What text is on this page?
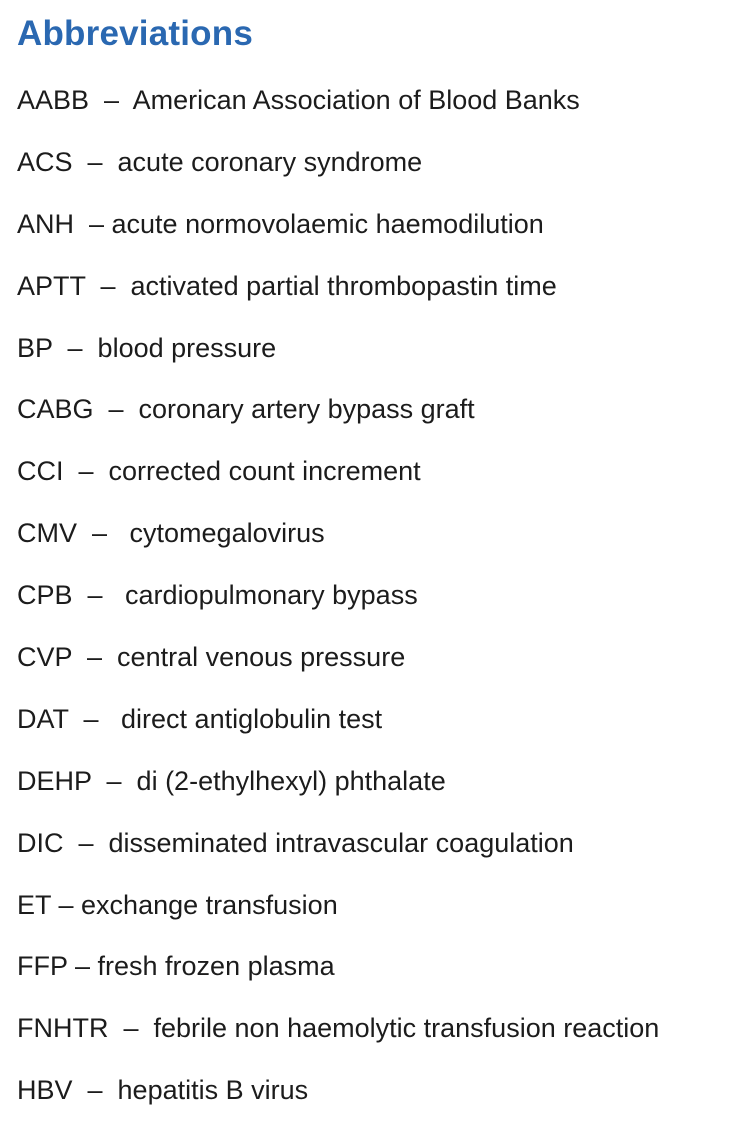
Abbreviations
AABB  –  American Association of Blood Banks
ACS  –  acute coronary syndrome
ANH  – acute normovolaemic haemodilution
APTT  –  activated partial thrombopastin time
BP  –  blood pressure
CABG  –  coronary artery bypass graft
CCI  –  corrected count increment
CMV  –   cytomegalovirus
CPB  –   cardiopulmonary bypass
CVP  –  central venous pressure
DAT  –   direct antiglobulin test
DEHP  –  di (2-ethylhexyl) phthalate
DIC  –  disseminated intravascular coagulation
ET – exchange transfusion
FFP – fresh frozen plasma
FNHTR  –  febrile non haemolytic transfusion reaction
HBV  –  hepatitis B virus
